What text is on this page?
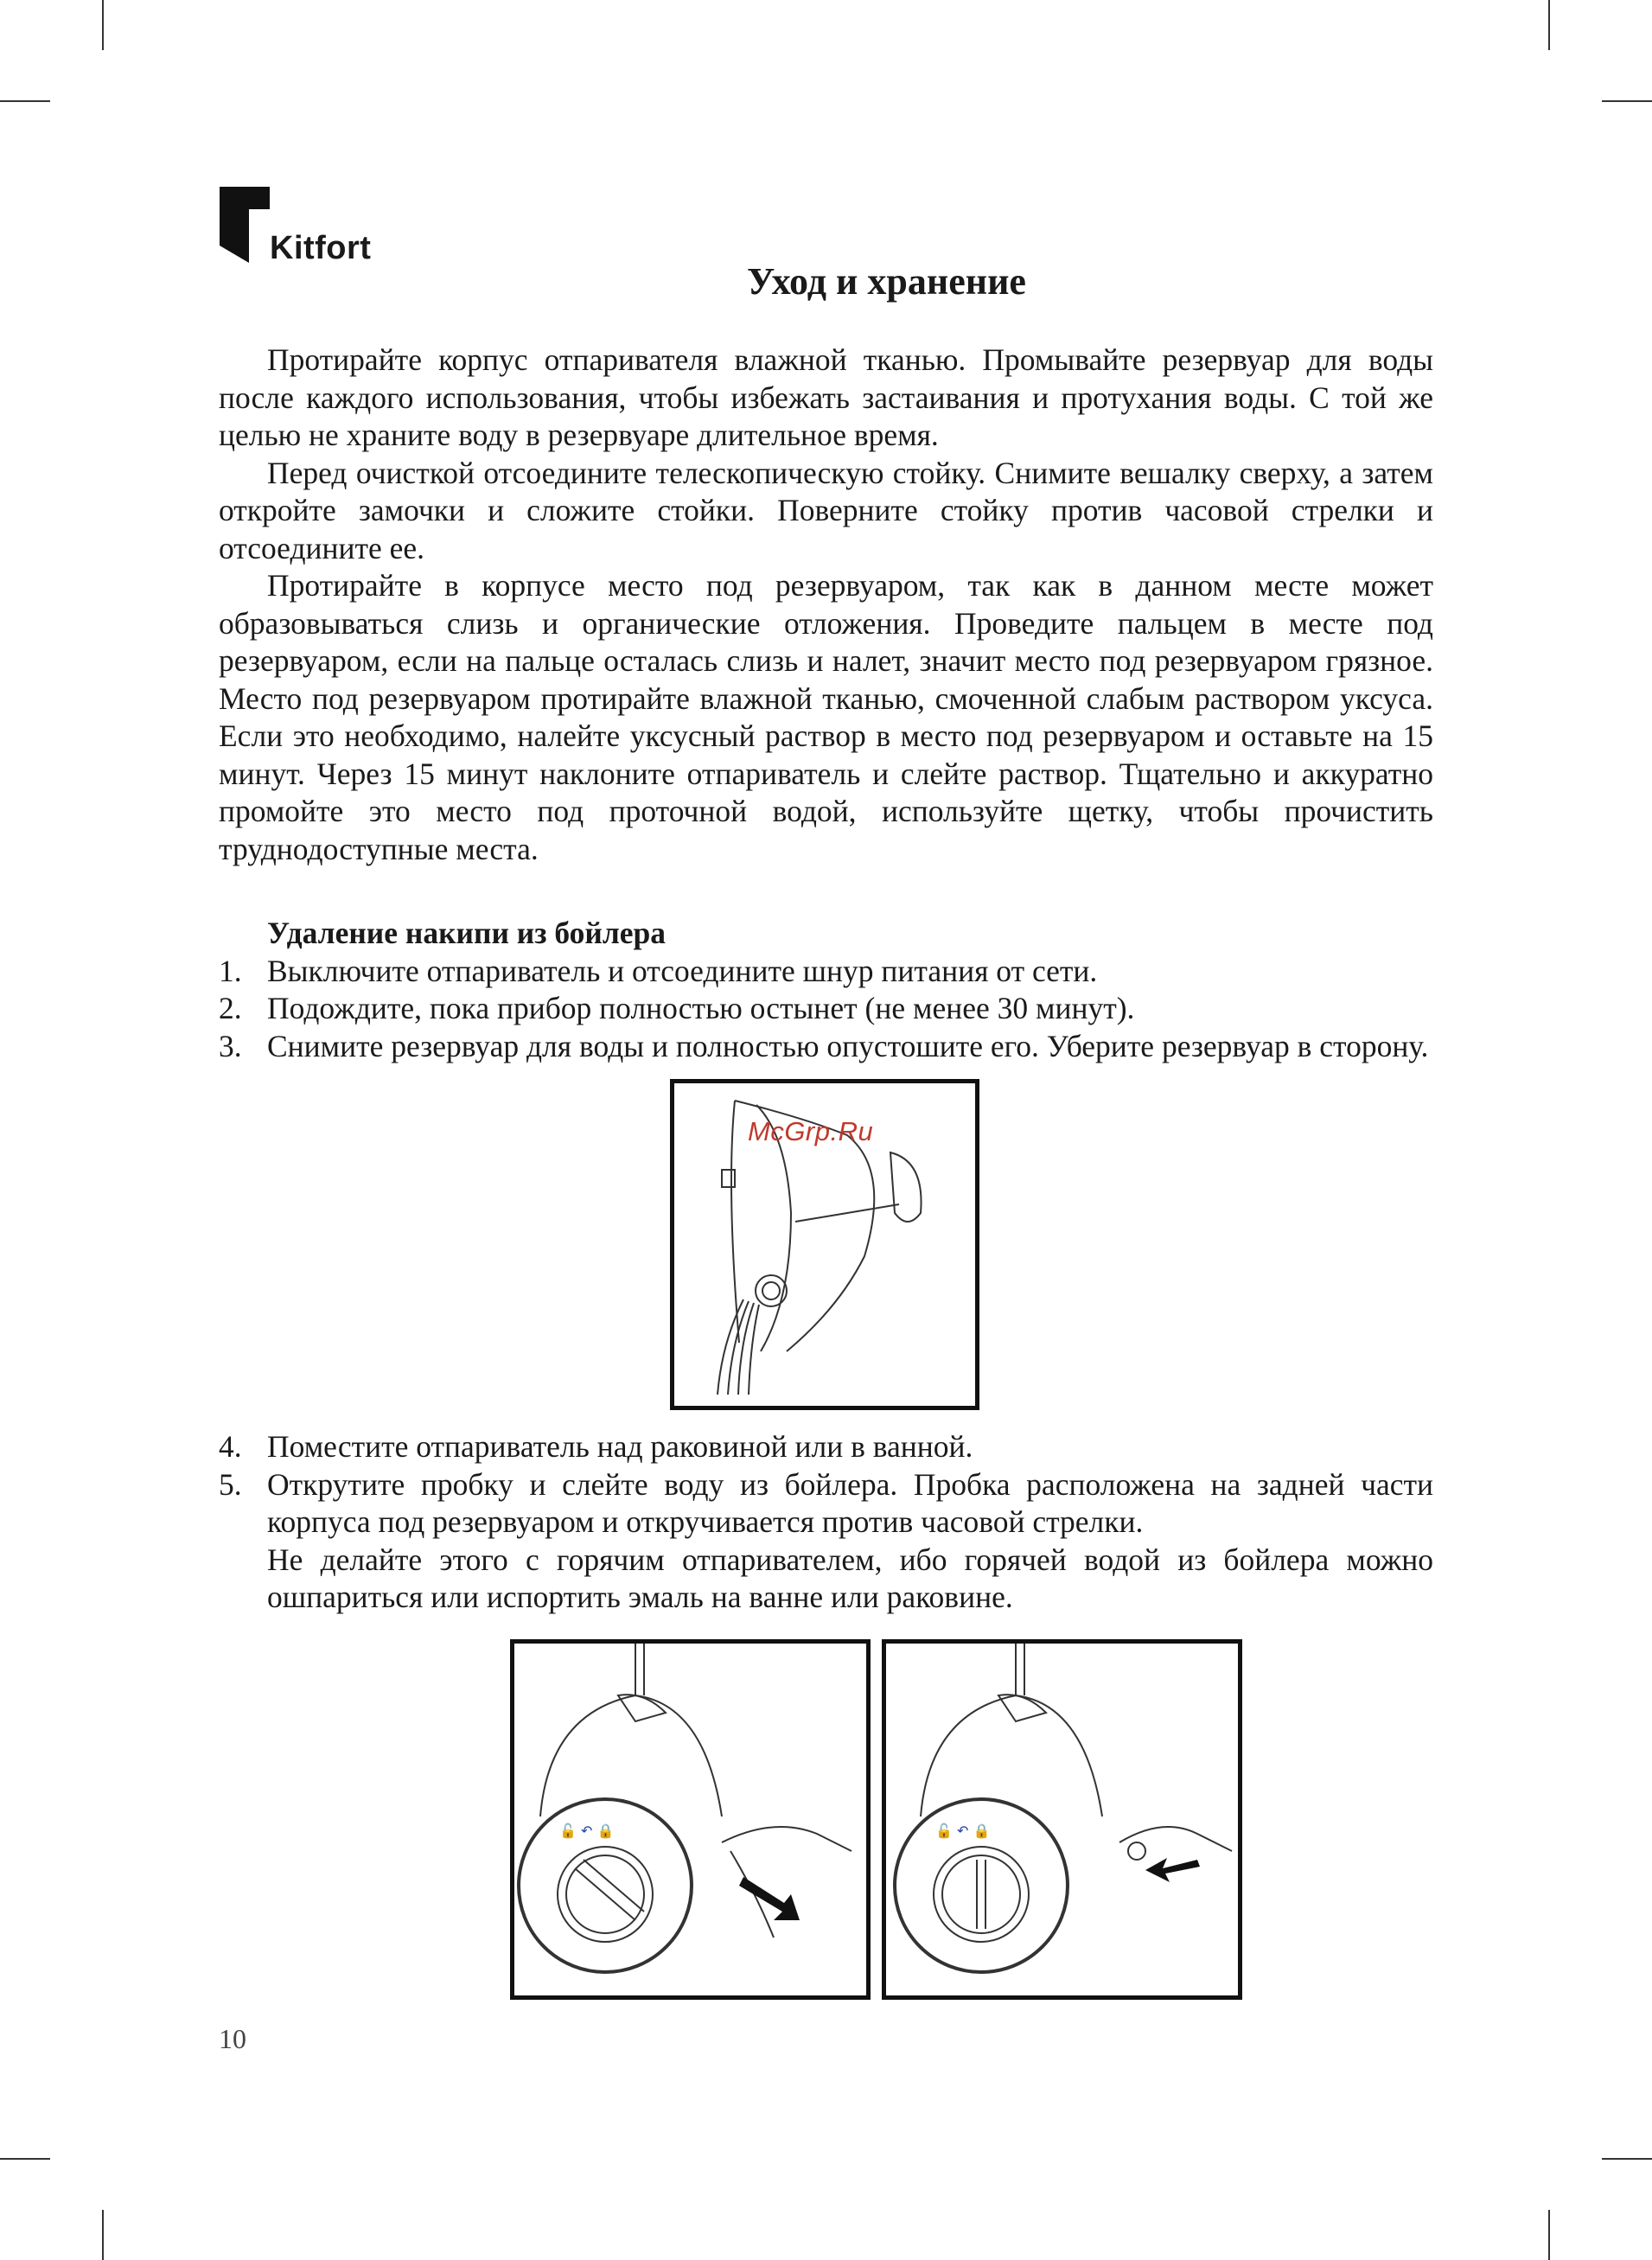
Kitfort
Уход и хранение

Протирайте корпус отпаривателя влажной тканью. Промывайте резервуар для воды после каждого использования, чтобы избежать застаивания и протухания воды. С той же целью не храните воду в резервуаре длительное время.

Перед очисткой отсоедините телескопическую стойку. Снимите вешалку сверху, а затем откройте замочки и сложите стойки. Поверните стойку против часовой стрелки и отсоедините ее.

Протирайте в корпусе место под резервуаром, так как в данном месте может образовываться слизь и органические отложения. Проведите пальцем в месте под резервуаром, если на пальце осталась слизь и налет, значит место под резервуаром грязное. Место под резервуаром протирайте влажной тканью, смоченной слабым раствором уксуса. Если это необходимо, налейте уксусный раствор в место под резервуаром и оставьте на 15 минут. Через 15 минут наклоните отпариватель и слейте раствор. Тщательно и аккуратно промойте это место под проточной водой, используйте щетку, чтобы прочистить труднодоступные места.

Удаление накипи из бойлера
1. Выключите отпариватель и отсоедините шнур питания от сети.
2. Подождите, пока прибор полностью остынет (не менее 30 минут).
3. Снимите резервуар для воды и полностью опустошите его. Уберите резервуар в сторону.
McGrp.Ru
4. Поместите отпариватель над раковиной или в ванной.
5. Открутите пробку и слейте воду из бойлера. Пробка расположена на задней части корпуса под резервуаром и откручивается против часовой стрелки.
Не делайте этого с горячим отпаривателем, ибо горячей водой из бойлера можно ошпариться или испортить эмаль на ванне или раковине.
🔓 ↶ 🔒	🔓 ↶ 🔒
10
